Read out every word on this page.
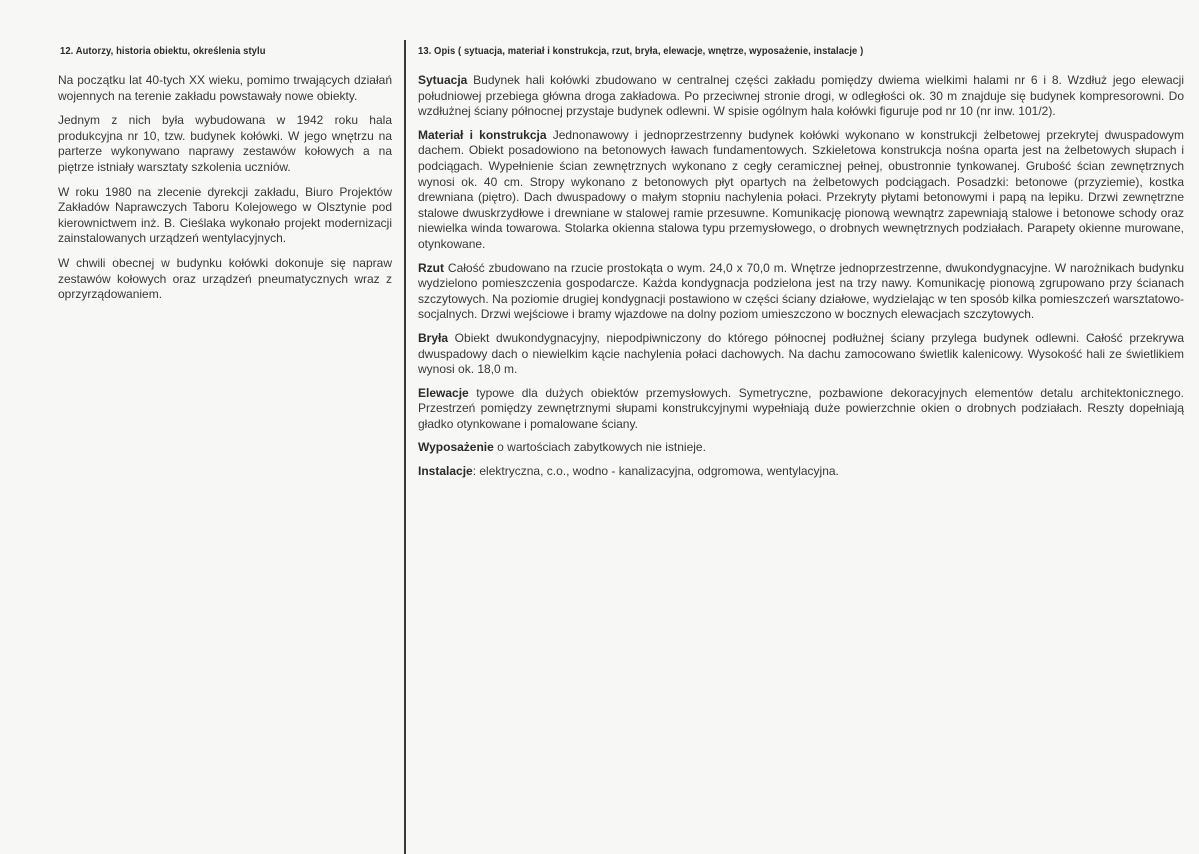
12. Autorzy, historia obiektu, określenia stylu

Na początku lat 40-tych XX wieku, pomimo trwających działań wojennych na terenie zakładu powstawały nowe obiekty.

Jednym z nich była wybudowana w 1942 roku hala produkcyjna nr 10, tzw. budynek kołówki. W jego wnętrzu na parterze wykonywano naprawy zestawów kołowych a na piętrze istniały warsztaty szkolenia uczniów.

W roku 1980 na zlecenie dyrekcji zakładu, Biuro Projektów Zakładów Naprawczych Taboru Kolejowego w Olsztynie pod kierownictwem inż. B. Cieślaka wykonało projekt modernizacji zainstalowanych urządzeń wentylacyjnych.

W chwili obecnej w budynku kołówki dokonuje się napraw zestawów kołowych oraz urządzeń pneumatycznych wraz z oprzyrządowaniem.

13. Opis ( sytuacja, materiał i konstrukcja, rzut, bryła, elewacje, wnętrze, wyposażenie, instalacje )

Sytuacja Budynek hali kołówki zbudowano w centralnej części zakładu pomiędzy dwiema wielkimi halami nr 6 i 8. Wzdłuż jego elewacji południowej przebiega główna droga zakładowa. Po przeciwnej stronie drogi, w odległości ok. 30 m znajduje się budynek kompresorowni. Do wzdłużnej ściany północnej przystaje budynek odlewni. W spisie ogólnym hala kołówki figuruje pod nr 10 (nr inw. 101/2).

Materiał i konstrukcja Jednonawowy i jednoprzestrzenny budynek kołówki wykonano w konstrukcji żelbetowej przekrytej dwuspadowym dachem. Obiekt posadowiono na betonowych ławach fundamentowych. Szkieletowa konstrukcja nośna oparta jest na żelbetowych słupach i podciągach. Wypełnienie ścian zewnętrznych wykonano z cegły ceramicznej pełnej, obustronnie tynkowanej. Grubość ścian zewnętrznych wynosi ok. 40 cm. Stropy wykonano z betonowych płyt opartych na żelbetowych podciągach. Posadzki: betonowe (przyziemie), kostka drewniana (piętro). Dach dwuspadowy o małym stopniu nachylenia połaci. Przekryty płytami betonowymi i papą na lepiku. Drzwi zewnętrzne stalowe dwuskrzydłowe i drewniane w stalowej ramie przesuwne. Komunikację pionową wewnątrz zapewniają stalowe i betonowe schody oraz niewielka winda towarowa. Stolarka okienna stalowa typu przemysłowego, o drobnych wewnętrznych podziałach. Parapety okienne murowane, otynkowane.

Rzut Całość zbudowano na rzucie prostokąta o wym. 24,0 x 70,0 m. Wnętrze jednoprzestrzenne, dwukondygnacyjne. W narożnikach budynku wydzielono pomieszczenia gospodarcze. Każda kondygnacja podzielona jest na trzy nawy. Komunikację pionową zgrupowano przy ścianach szczytowych. Na poziomie drugiej kondygnacji postawiono w części ściany działowe, wydzielając w ten sposób kilka pomieszczeń warsztatowo-socjalnych. Drzwi wejściowe i bramy wjazdowe na dolny poziom umieszczono w bocznych elewacjach szczytowych.

Bryła Obiekt dwukondygnacyjny, niepodpiwniczony do którego północnej podłużnej ściany przylega budynek odlewni. Całość przekrywa dwuspadowy dach o niewielkim kącie nachylenia połaci dachowych. Na dachu zamocowano świetlik kalenicowy. Wysokość hali ze świetlikiem wynosi ok. 18,0 m.

Elewacje typowe dla dużych obiektów przemysłowych. Symetryczne, pozbawione dekoracyjnych elementów detalu architektonicznego. Przestrzeń pomiędzy zewnętrznymi słupami konstrukcyjnymi wypełniają duże powierzchnie okien o drobnych podziałach. Reszty dopełniają gładko otynkowane i pomalowane ściany.

Wyposażenie o wartościach zabytkowych nie istnieje.

Instalacje: elektryczna, c.o., wodno - kanalizacyjna, odgromowa, wentylacyjna.
